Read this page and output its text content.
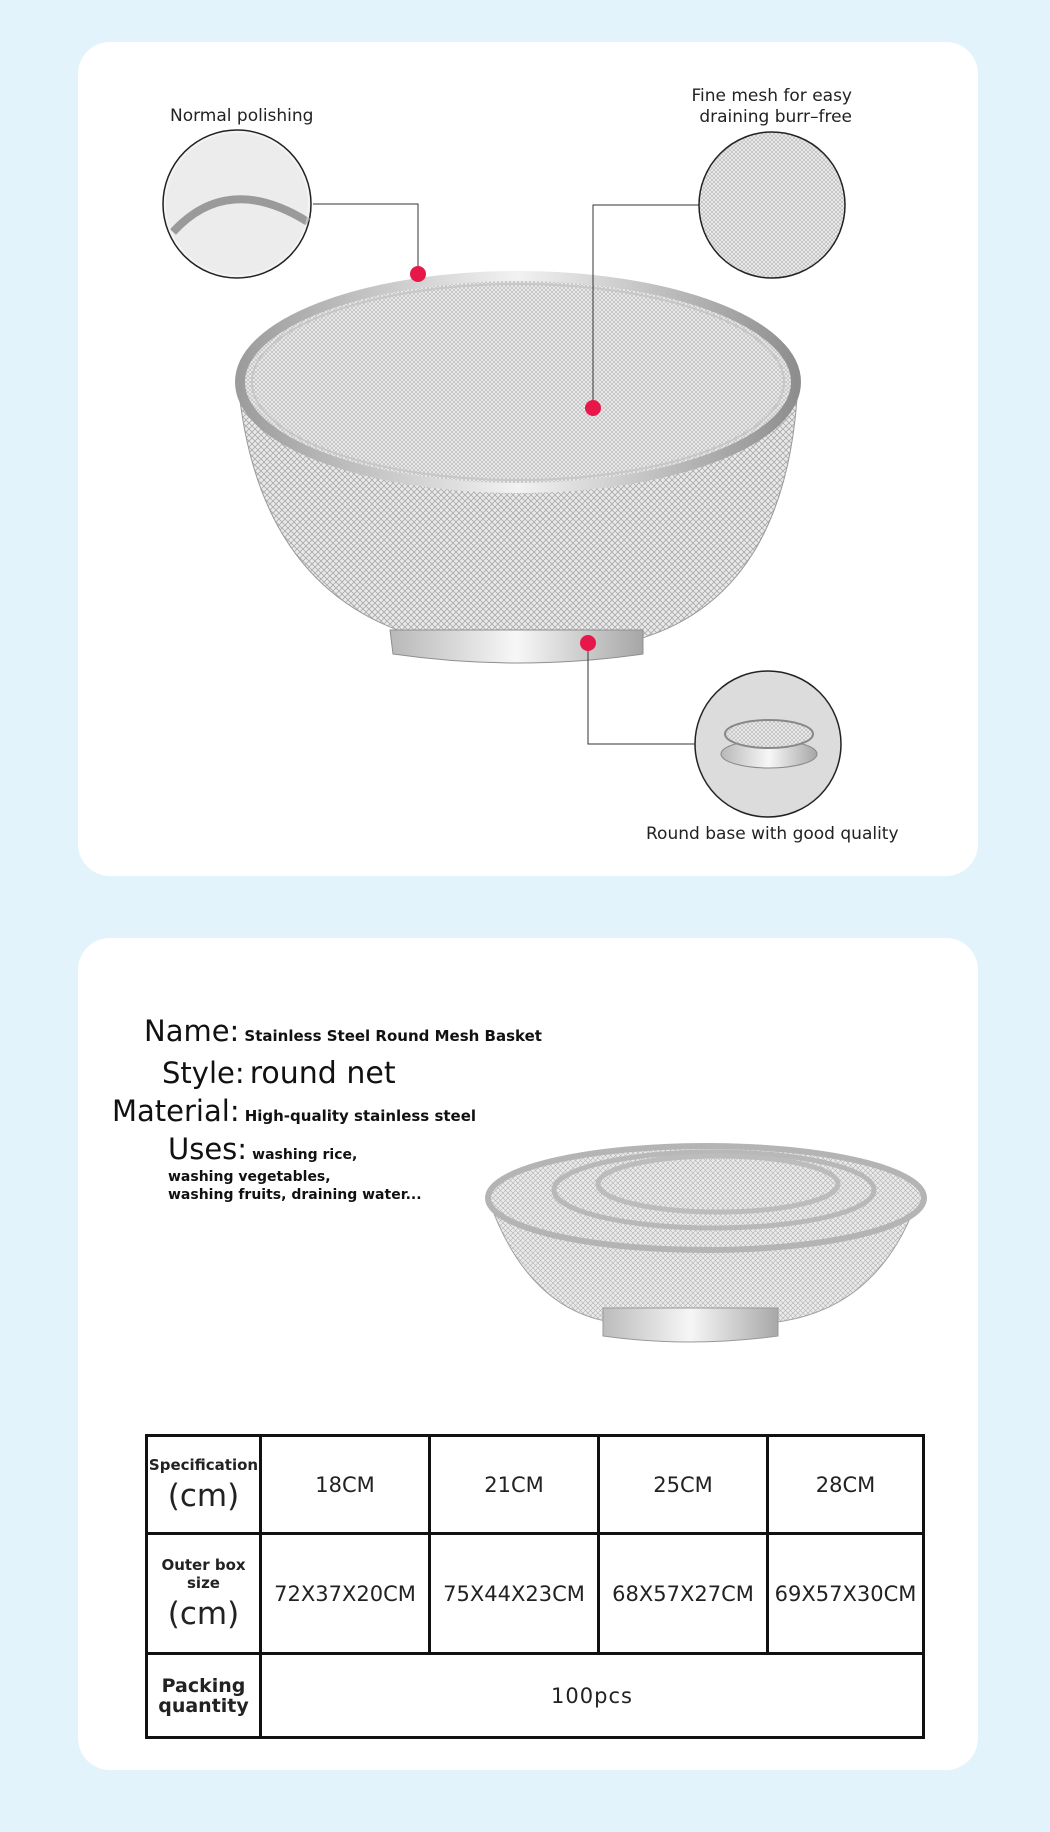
Normal polishing
Fine mesh for easy
draining burr–free
Round base with good quality
Name: Stainless Steel Round Mesh Basket
Style: round net
Material: High-quality stainless steel
Uses: washing rice,
washing vegetables,
washing fruits, draining water...
Specification
(cm)	18CM	21CM	25CM	28CM
Outer box size
(cm)	72X37X20CM	75X44X23CM	68X57X27CM	69X57X30CM

Packing
quantity	100pcs			
